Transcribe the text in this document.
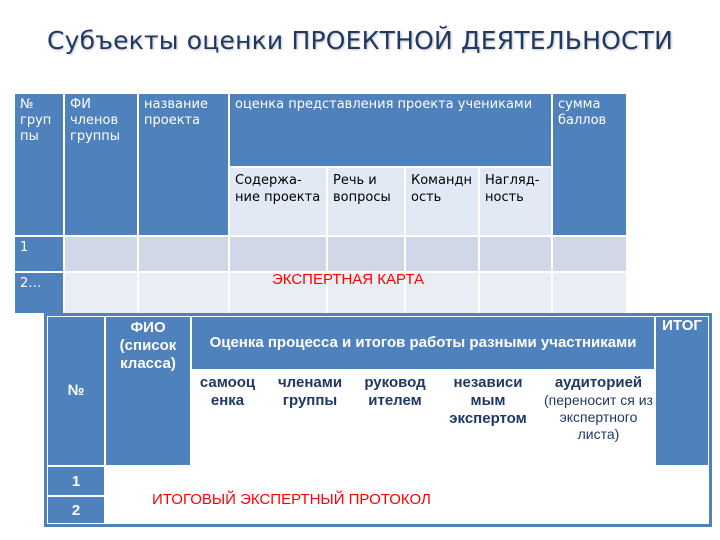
Субъекты оценки ПРОЕКТНОЙ ДЕЯТЕЛЬНОСТИ
№ груп пы
ФИ членов группы
название проекта
оценка представления проекта учениками	сумма баллов
Содержа-ние проекта
Речь и вопросы
Командн ость
Нагляд-ность
1
2…	ЭКСПЕРТНАЯ КАРТА
№
ФИО (список класса)
Оценка процесса и итогов работы разными участниками
ИТОГ
самооц енка
членами группы
руковод ителем
независи мым экспертом
аудиторией
(переносит ся из экспертного листа)
1
2
ИТОГОВЫЙ ЭКСПЕРТНЫЙ ПРОТОКОЛ
